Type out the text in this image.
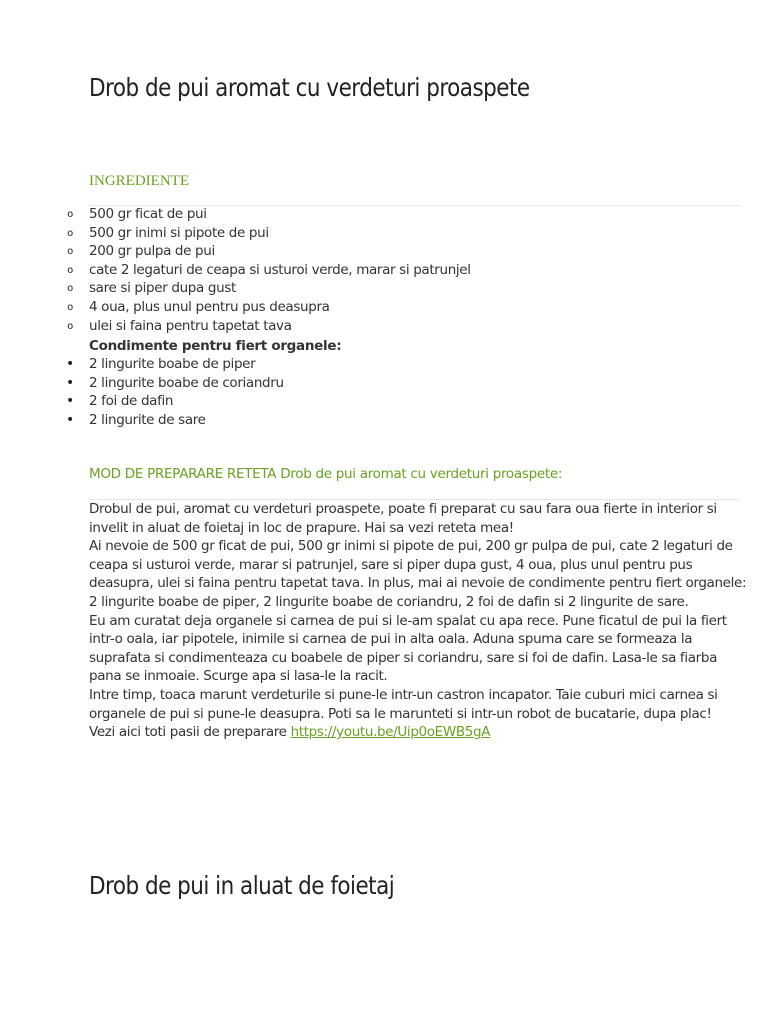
Drob de pui aromat cu verdeturi proaspete
INGREDIENTE
o 500 gr ficat de pui
o 500 gr inimi si pipote de pui
o 200 gr pulpa de pui
o cate 2 legaturi de ceapa si usturoi verde, marar si patrunjel
o sare si piper dupa gust
o 4 oua, plus unul pentru pus deasupra
o ulei si faina pentru tapetat tava
Condimente pentru fiert organele:
• 2 lingurite boabe de piper
• 2 lingurite boabe de coriandru
• 2 foi de dafin
• 2 lingurite de sare
MOD DE PREPARARE RETETA Drob de pui aromat cu verdeturi proaspete:

Drobul de pui, aromat cu verdeturi proaspete, poate fi preparat cu sau fara oua fierte in interior si invelit in aluat de foietaj in loc de prapure. Hai sa vezi reteta mea!

Ai nevoie de 500 gr ficat de pui, 500 gr inimi si pipote de pui, 200 gr pulpa de pui, cate 2 legaturi de ceapa si usturoi verde, marar si patrunjel, sare si piper dupa gust, 4 oua, plus unul pentru pus deasupra, ulei si faina pentru tapetat tava. In plus, mai ai nevoie de condimente pentru fiert organele: 2 lingurite boabe de piper, 2 lingurite boabe de coriandru, 2 foi de dafin si 2 lingurite de sare.

Eu am curatat deja organele si carnea de pui si le-am spalat cu apa rece. Pune ficatul de pui la fiert intr-o oala, iar pipotele, inimile si carnea de pui in alta oala. Aduna spuma care se formeaza la suprafata si condimenteaza cu boabele de piper si coriandru, sare si foi de dafin. Lasa-le sa fiarba pana se inmoaie. Scurge apa si lasa-le la racit.

Intre timp, toaca marunt verdeturile si pune-le intr-un castron incapator. Taie cuburi mici carnea si organele de pui si pune-le deasupra. Poti sa le marunteti si intr-un robot de bucatarie, dupa plac!

Vezi aici toti pasii de preparare https://youtu.be/Uip0oEWB5gA

Drob de pui in aluat de foietaj
